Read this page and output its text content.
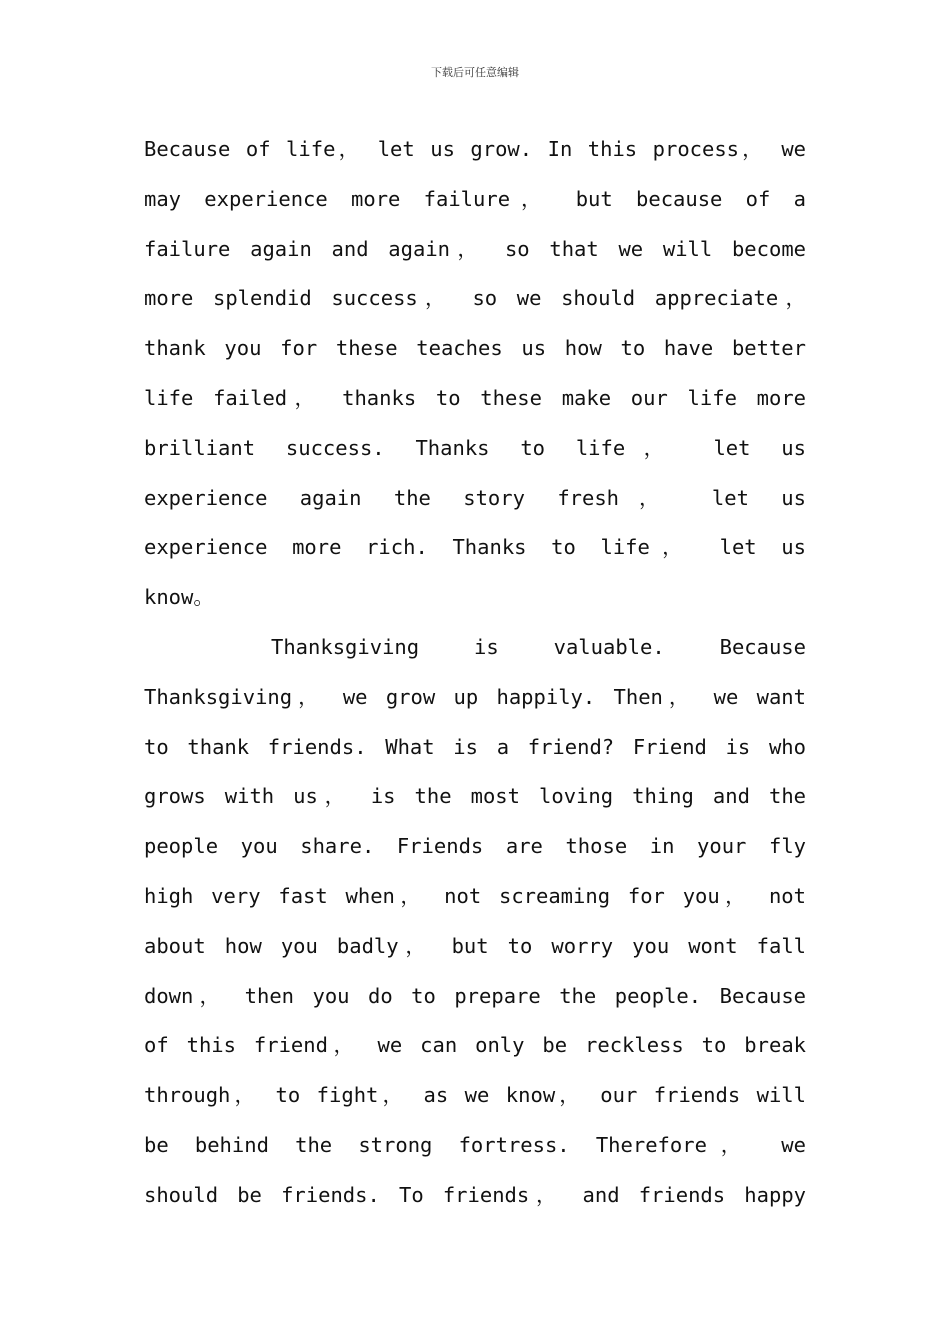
下载后可任意编辑
Because of life， let us grow. In this process， we
may experience more failure， but because of a
failure again and again， so that we will become
more splendid success， so we should appreciate，
thank you for these teaches us how to have better
life failed， thanks to these make our life more
brilliant success. Thanks to life， let us
experience again the story fresh， let us
experience more rich. Thanks to life， let us
know。
Thanksgiving is valuable. Because
Thanksgiving， we grow up happily. Then， we want
to thank friends. What is a friend? Friend is who
grows with us， is the most loving thing and the
people you share. Friends are those in your fly
high very fast when， not screaming for you， not
about how you badly， but to worry you wont fall
down， then you do to prepare the people. Because
of this friend， we can only be reckless to break
through， to fight， as we know， our friends will
be behind the strong fortress. Therefore， we
should be friends. To friends， and friends happy
